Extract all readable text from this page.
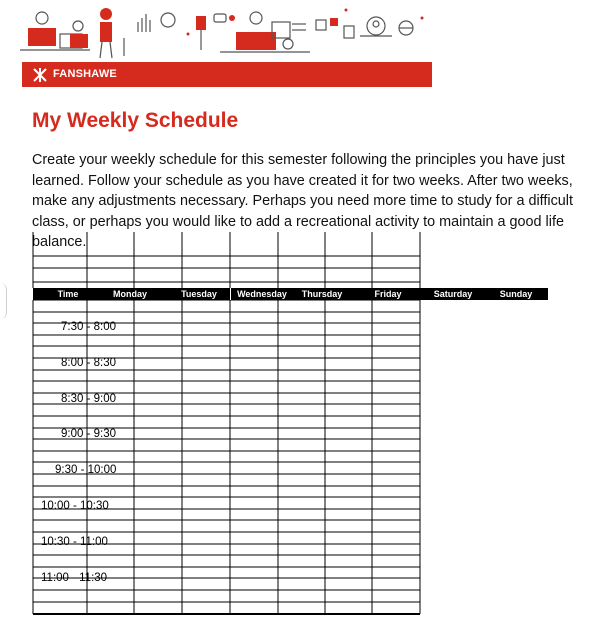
FANSHAWE
My Weekly Schedule

Create your weekly schedule for this semester following the principles you have just learned. Follow your schedule as you have created it for two weeks. After two weeks, make any adjustments necessary. Perhaps you need more time to study for a difficult class, or perhaps you would like to add a recreational activity to maintain a good life balance.

Time	Monday	Tuesday	Wednesday	Thursday	Friday	Saturday	Sunday
7:30 - 8:00
8:00 - 8:30
8:30 - 9:00
9:00 - 9:30
9:30 - 10:00
10:00 - 10:30
10:30 - 11:00
11:00 - 11:30
